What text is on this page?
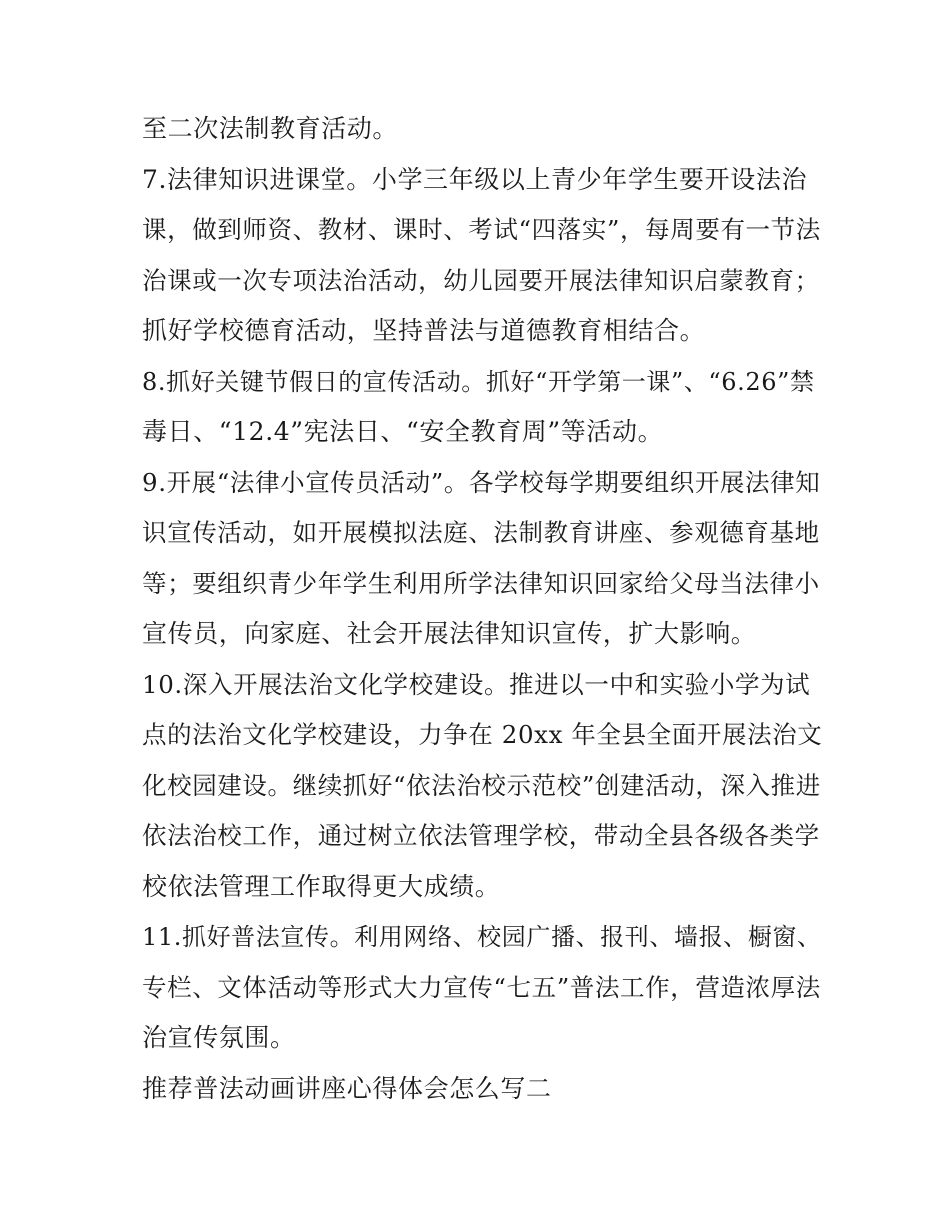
至二次法制教育活动。
7.法律知识进课堂。小学三年级以上青少年学生要开设法治
课，做到师资、教材、课时、考试“四落实”，每周要有一节法
治课或一次专项法治活动，幼儿园要开展法律知识启蒙教育；
抓好学校德育活动，坚持普法与道德教育相结合。
8.抓好关键节假日的宣传活动。抓好“开学第一课”、“6.26”禁
毒日、“12.4”宪法日、“安全教育周”等活动。
9.开展“法律小宣传员活动”。各学校每学期要组织开展法律知
识宣传活动，如开展模拟法庭、法制教育讲座、参观德育基地
等；要组织青少年学生利用所学法律知识回家给父母当法律小
宣传员，向家庭、社会开展法律知识宣传，扩大影响。
10.深入开展法治文化学校建设。推进以一中和实验小学为试
点的法治文化学校建设，力争在 20xx 年全县全面开展法治文
化校园建设。继续抓好“依法治校示范校”创建活动，深入推进
依法治校工作，通过树立依法管理学校，带动全县各级各类学
校依法管理工作取得更大成绩。
11.抓好普法宣传。利用网络、校园广播、报刊、墙报、橱窗、
专栏、文体活动等形式大力宣传“七五”普法工作，营造浓厚法
治宣传氛围。
推荐普法动画讲座心得体会怎么写二
